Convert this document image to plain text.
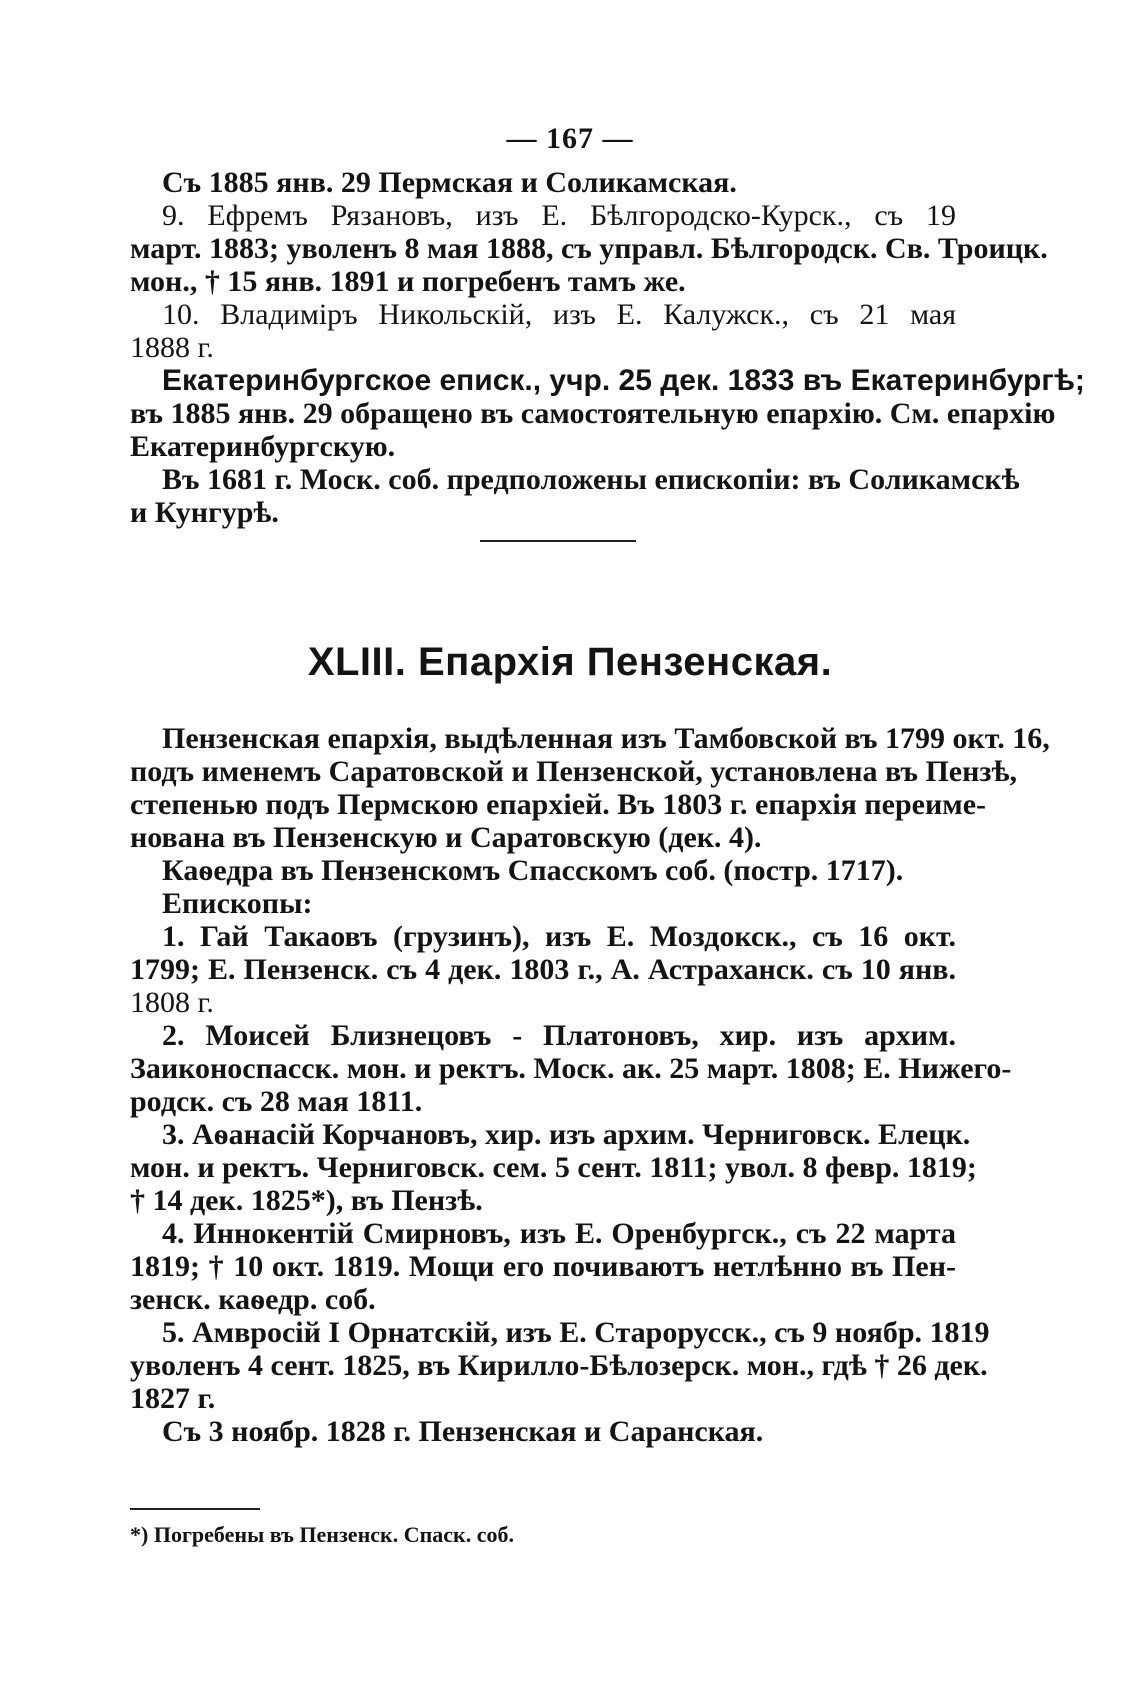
— 167 —
Съ 1885 янв. 29 Пермская и Соликамская.
9. Ефремъ Рязановъ, изъ Е. Бѣлгородско-Курск., съ 19
март. 1883; уволенъ 8 мая 1888, съ управл. Бѣлгородск. Св. Троицк.
мон., † 15 янв. 1891 и погребенъ тамъ же.
10. Владиміръ Никольскій, изъ Е. Калужск., съ 21 мая
1888 г.
Екатеринбургское еписк., учр. 25 дек. 1833 въ Екатеринбургѣ;
въ 1885 янв. 29 обращено въ самостоятельную епархію. См. епархію
Екатеринбургскую.
Въ 1681 г. Моск. соб. предположены епископіи: въ Соликамскѣ
и Кунгурѣ.
XLIII. Епархія Пензенская.
Пензенская епархія, выдѣленная изъ Тамбовской въ 1799 окт. 16,
подъ именемъ Саратовской и Пензенской, установлена въ Пензѣ,
степенью подъ Пермскою епархіей. Въ 1803 г. епархія переиме-
нована въ Пензенскую и Саратовскую (дек. 4).
Каѳедра въ Пензенскомъ Спасскомъ соб. (постр. 1717).
Епископы:
1. Гай Такаовъ (грузинъ), изъ Е. Моздокск., съ 16 окт.
1799; Е. Пензенск. съ 4 дек. 1803 г., А. Астраханск. съ 10 янв.
1808 г.
2. Моисей Близнецовъ - Платоновъ, хир. изъ архим.
Заиконоспасск. мон. и ректъ. Моск. ак. 25 март. 1808; Е. Нижего-
родск. съ 28 мая 1811.
3. Аѳанасій Корчановъ, хир. изъ архим. Черниговск. Елецк.
мон. и ректъ. Черниговск. сем. 5 сент. 1811; увол. 8 февр. 1819;
† 14 дек. 1825*), въ Пензѣ.
4. Иннокентій Смирновъ, изъ Е. Оренбургск., съ 22 марта
1819; † 10 окт. 1819. Мощи его почиваютъ нетлѣнно въ Пен-
зенск. каѳедр. соб.
5. Амвросій I Орнатскій, изъ Е. Старорусск., съ 9 ноябр. 1819
уволенъ 4 сент. 1825, въ Кирилло-Бѣлозерск. мон., гдѣ † 26 дек.
1827 г.
Съ 3 ноябр. 1828 г. Пензенская и Саранская.
*) Погребены въ Пензенск. Спаск. соб.
